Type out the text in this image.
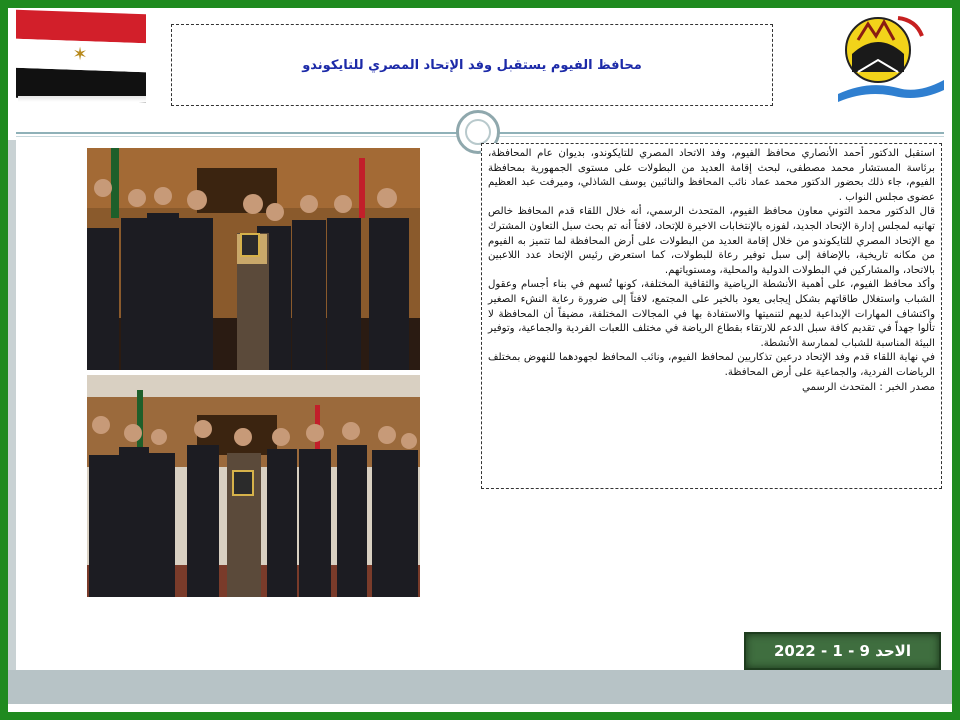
✶	محافظ الفيوم يستقبل وفد الإتحاد المصري للتايكوندو

استقبل الدكتور أحمد الأنصاري محافظ الفيوم، وفد الاتحاد المصري للتايكوندو، بديوان عام المحافظة، برئاسة المستشار محمد مصطفى، لبحث إقامة العديد من البطولات على مستوى الجمهورية بمحافظة الفيوم، جاء ذلك بحضور الدكتور محمد عماد نائب المحافظ والنائبين يوسف الشاذلي، وميرفت عبد العظيم عضوى مجلس النواب .

قال الدكتور محمد التوني معاون محافظ الفيوم، المتحدث الرسمي، أنه خلال اللقاء قدم المحافظ خالص تهانيه لمجلس إدارة الإتحاد الجديد، لفوزه بالإنتخابات الاخيرة للإتحاد، لافتاً أنه تم بحث سبل التعاون المشترك مع الإتحاد المصري للتايكوندو من خلال إقامة العديد من البطولات على أرض المحافظة لما تتميز به الفيوم من مكانه تاريخية، بالإضافة إلى سبل توفير رعاة للبطولات، كما استعرض رئيس الإتحاد عدد اللاعبين بالاتحاد، والمشاركين في البطولات الدولية والمحلية، ومستوياتهم.

وأكد محافظ الفيوم، على أهمية الأنشطة الرياضية والثقافية المختلفة، كونها تُسهم في بناء أجسام وعقول الشباب واستغلال طاقاتهم بشكل إيجابى يعود بالخير على المجتمع، لافتاً إلى ضرورة رعاية النشء الصغير واكتشاف المهارات الإبداعية لديهم لتنميتها والاستفادة بها في المجالات المختلفة، مضيفاً أن المحافظة لا تألوا جهداً في تقديم كافة سبل الدعم للارتقاء بقطاع الرياضة في مختلف اللعبات الفردية والجماعية، وتوفير البيئة المناسبة للشباب لممارسة الأنشطة.

في نهاية اللقاء قدم وفد الإتحاد درعين تذكاريين لمحافظ الفيوم، ونائب المحافظ لجهودهما للنهوض بمختلف الرياضات الفردية، والجماعية على أرض المحافظة.

مصدر الخبر : المتحدث الرسمي

الاحد 9 - 1 - 2022
